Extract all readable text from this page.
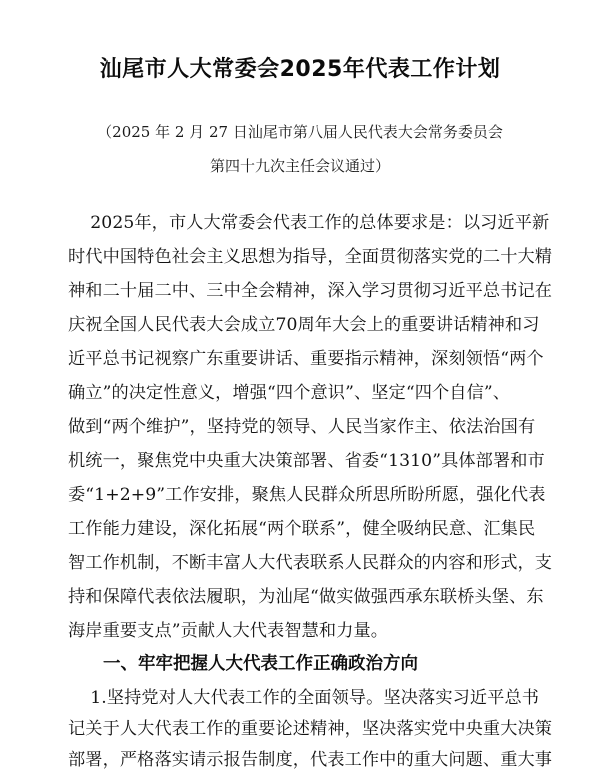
汕尾市人大常委会2025年代表工作计划
（2025 年 2 月 27 日汕尾市第八届人民代表大会常务委员会
第四十九次主任会议通过）
2025年，市人大常委会代表工作的总体要求是：以习近平新
时代中国特色社会主义思想为指导，全面贯彻落实党的二十大精
神和二十届二中、三中全会精神，深入学习贯彻习近平总书记在
庆祝全国人民代表大会成立70周年大会上的重要讲话精神和习
近平总书记视察广东重要讲话、重要指示精神，深刻领悟“两个
确立”的决定性意义，增强“四个意识”、坚定“四个自信”、
做到“两个维护”，坚持党的领导、人民当家作主、依法治国有
机统一，聚焦党中央重大决策部署、省委“1310”具体部署和市
委“1+2+9”工作安排，聚焦人民群众所思所盼所愿，强化代表
工作能力建设，深化拓展“两个联系”，健全吸纳民意、汇集民
智工作机制，不断丰富人大代表联系人民群众的内容和形式，支
持和保障代表依法履职，为汕尾“做实做强西承东联桥头堡、东
海岸重要支点”贡献人大代表智慧和力量。
一、牢牢把握人大代表工作正确政治方向
1.坚持党对人大代表工作的全面领导。坚决落实习近平总书
记关于人大代表工作的重要论述精神，坚决落实党中央重大决策
部署，严格落实请示报告制度，代表工作中的重大问题、重大事
